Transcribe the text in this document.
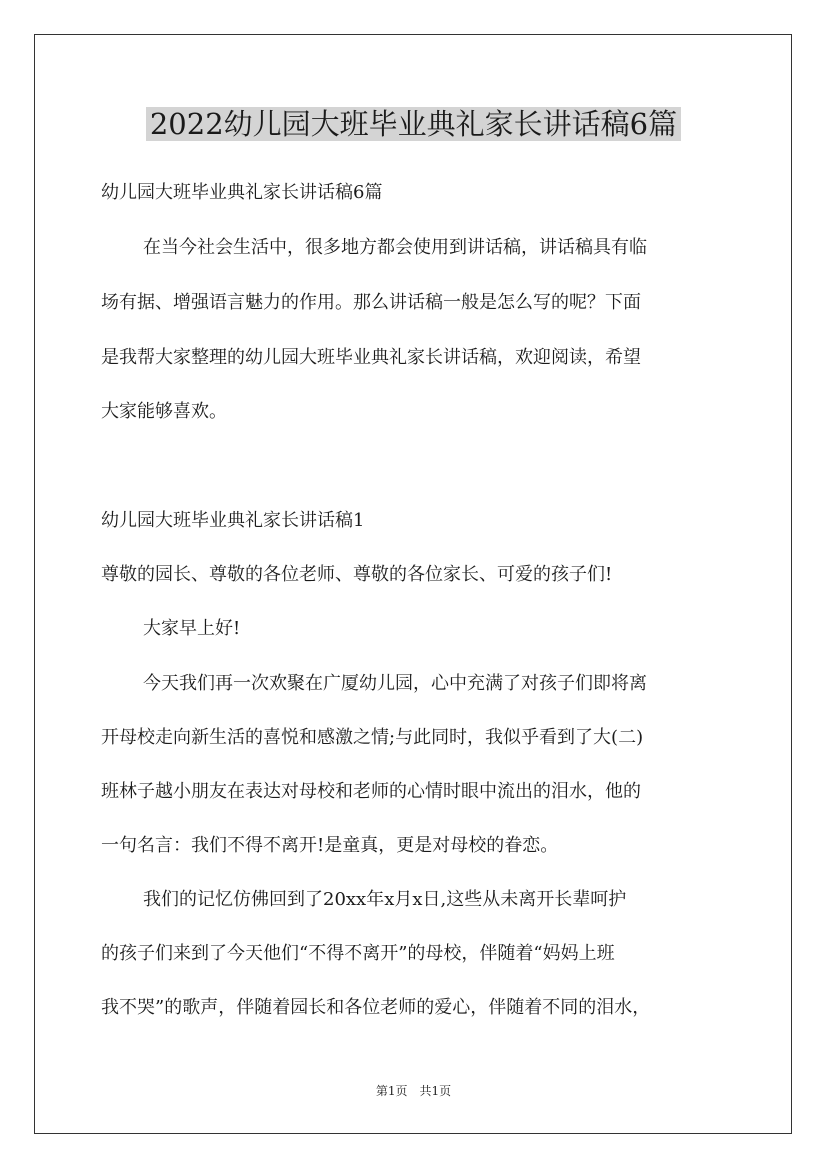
2022幼儿园大班毕业典礼家长讲话稿6篇

幼儿园大班毕业典礼家长讲话稿6篇

在当今社会生活中，很多地方都会使用到讲话稿，讲话稿具有临

场有据、增强语言魅力的作用。那么讲话稿一般是怎么写的呢？下面

是我帮大家整理的幼儿园大班毕业典礼家长讲话稿，欢迎阅读，希望

大家能够喜欢。

幼儿园大班毕业典礼家长讲话稿1

尊敬的园长、尊敬的各位老师、尊敬的各位家长、可爱的孩子们!

大家早上好!

今天我们再一次欢聚在广厦幼儿园，心中充满了对孩子们即将离

开母校走向新生活的喜悦和感激之情;与此同时，我似乎看到了大(二)

班林子越小朋友在表达对母校和老师的心情时眼中流出的泪水，他的

一句名言：我们不得不离开!是童真，更是对母校的眷恋。

我们的记忆仿佛回到了20xx年x月x日,这些从未离开长辈呵护

的孩子们来到了今天他们“不得不离开”的母校，伴随着“妈妈上班

我不哭”的歌声，伴随着园长和各位老师的爱心，伴随着不同的泪水，

第1页　共1页
